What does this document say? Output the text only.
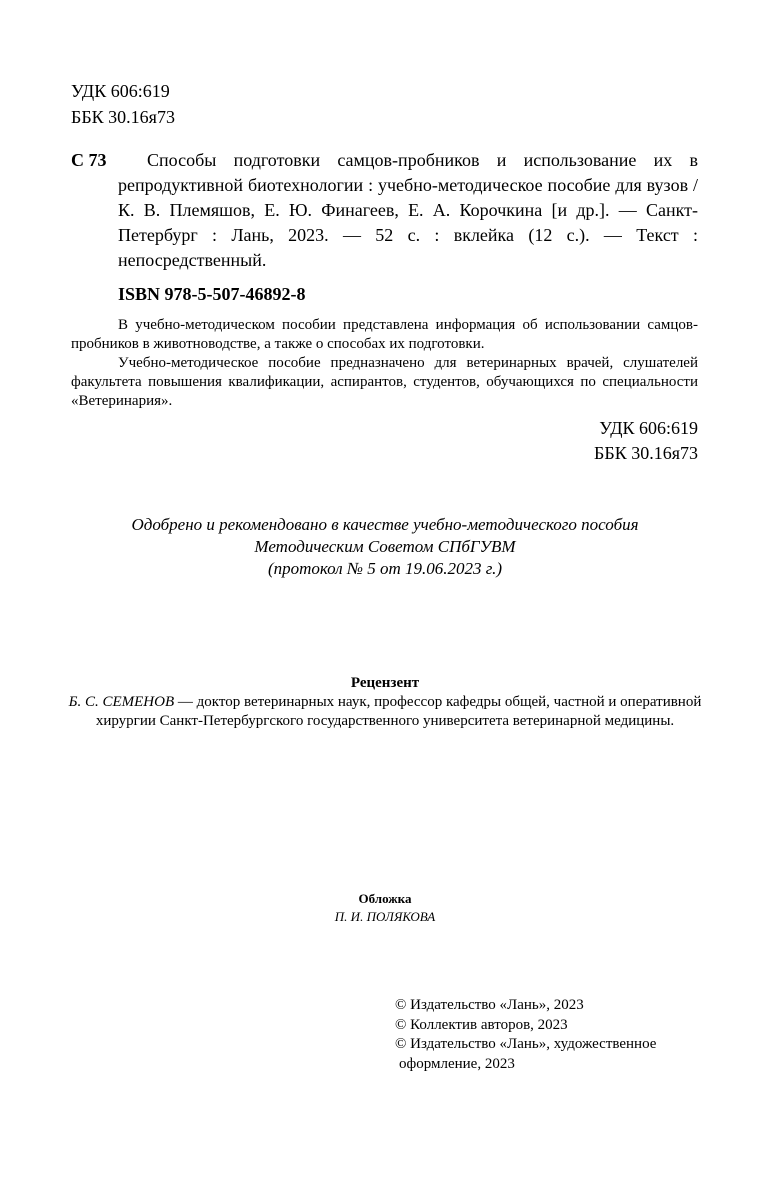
УДК 606:619
ББК 30.16я73
С 73	Способы подготовки самцов-пробников и использование их в репродуктивной биотехнологии : учебно-методическое пособие для вузов / К. В. Племяшов, Е. Ю. Финагеев, Е. А. Корочкина [и др.]. — Санкт-Петербург : Лань, 2023. — 52 с. : вклейка (12 с.). — Текст : непосредственный.
ISBN 978-5-507-46892-8

В учебно-методическом пособии представлена информация об использовании самцов-пробников в животноводстве, а также о способах их подготовки.

Учебно-методическое пособие предназначено для ветеринарных врачей, слушателей факультета повышения квалификации, аспирантов, студентов, обучающихся по специальности «Ветеринария».

УДК 606:619
ББК 30.16я73
Одобрено и рекомендовано в качестве учебно-методического пособия
Методическим Советом СПбГУВМ
(протокол № 5 от 19.06.2023 г.)
Рецензент
Б. С. СЕМЕНОВ — доктор ветеринарных наук, профессор кафедры общей, частной и оперативной хирургии Санкт-Петербургского государственного университета ветеринарной медицины.
Обложка
П. И. ПОЛЯКОВА
© Издательство «Лань», 2023
© Коллектив авторов, 2023
© Издательство «Лань», художественное
оформление, 2023
